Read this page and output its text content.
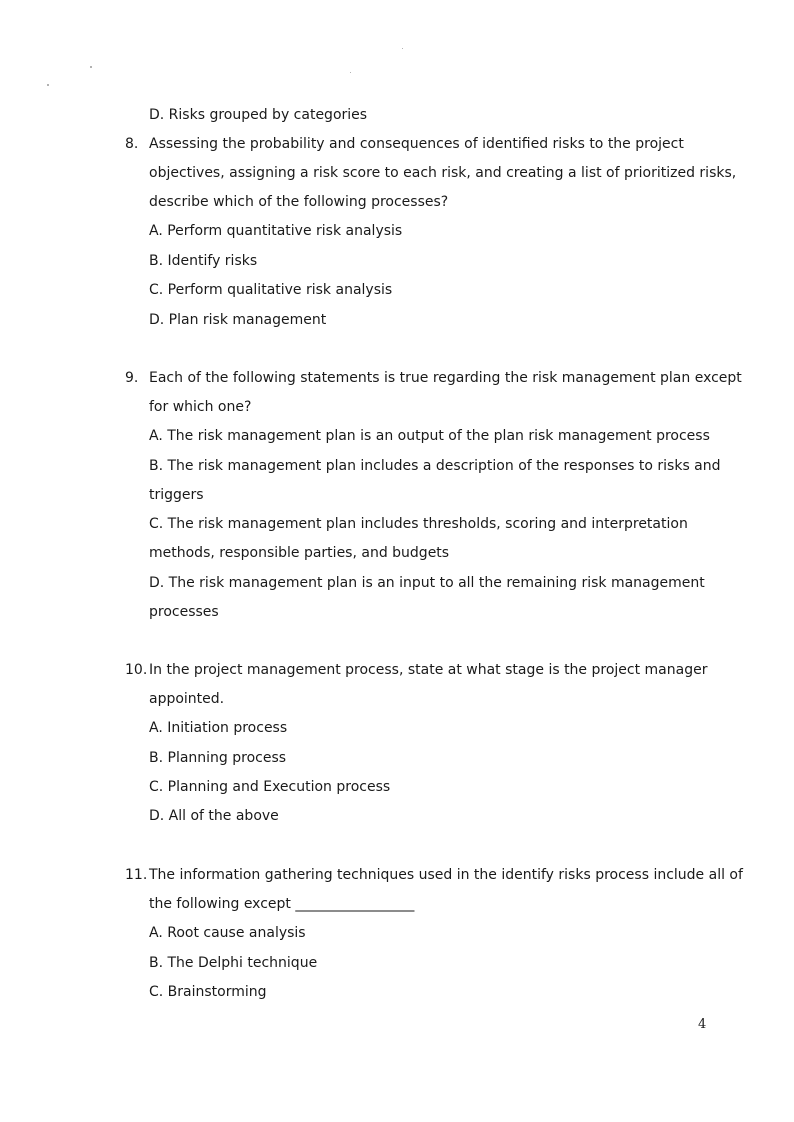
D. Risks grouped by categories
8. Assessing the probability and consequences of identified risks to the project
objectives, assigning a risk score to each risk, and creating a list of prioritized risks,
describe which of the following processes?
A. Perform quantitative risk analysis
B. Identify risks
C. Perform qualitative risk analysis
D. Plan risk management
9. Each of the following statements is true regarding the risk management plan except
for which one?
A. The risk management plan is an output of the plan risk management process
B. The risk management plan includes a description of the responses to risks and
triggers
C. The risk management plan includes thresholds, scoring and interpretation
methods, responsible parties, and budgets
D. The risk management plan is an input to all the remaining risk management
processes
10. In the project management process, state at what stage is the project manager
appointed.
A. Initiation process
B. Planning process
C. Planning and Execution process
D. All of the above
11. The information gathering techniques used in the identify risks process include all of
the following except _________________
A. Root cause analysis
B. The Delphi technique
C. Brainstorming
4
